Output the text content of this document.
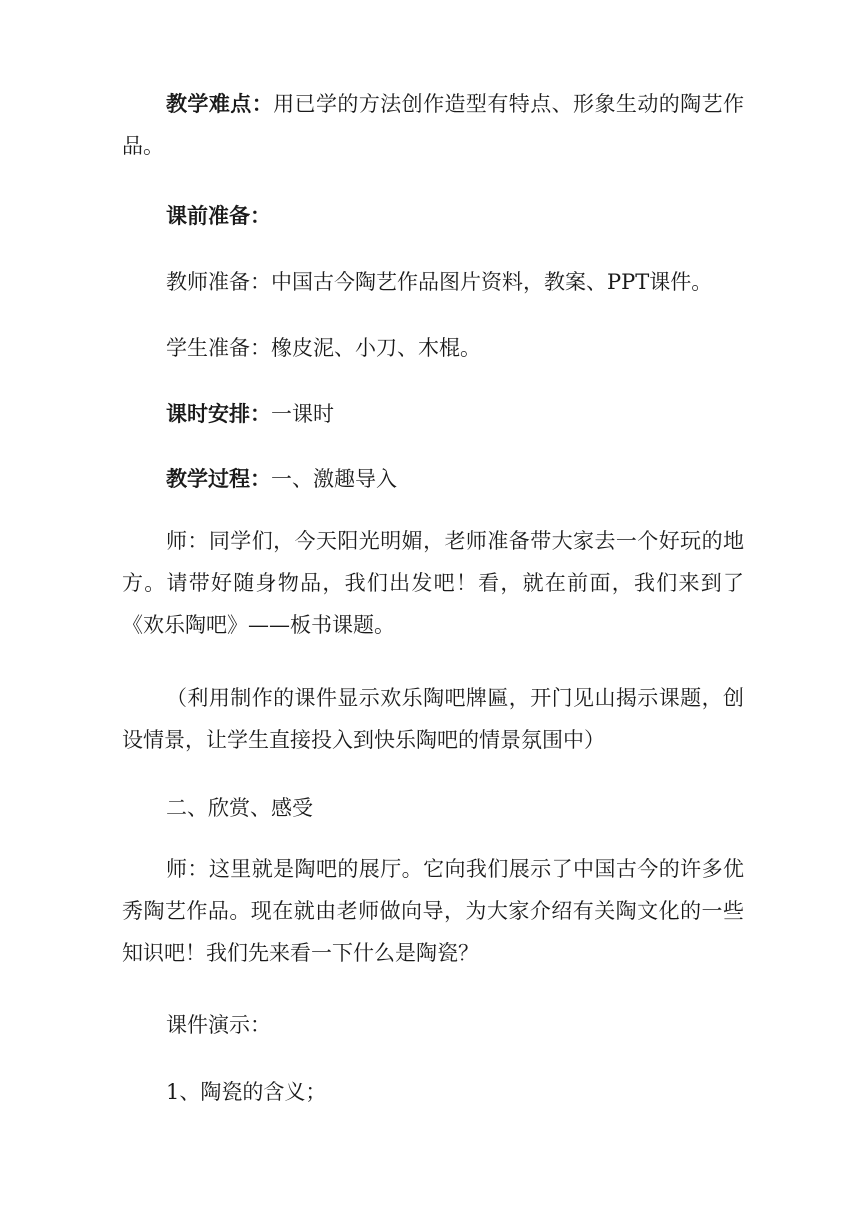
教学难点：用已学的方法创作造型有特点、形象生动的陶艺作品。

课前准备：

教师准备：中国古今陶艺作品图片资料，教案、PPT课件。

学生准备：橡皮泥、小刀、木棍。

课时安排：一课时

教学过程：一、激趣导入

师：同学们，今天阳光明媚，老师准备带大家去一个好玩的地方。请带好随身物品，我们出发吧！看，就在前面，我们来到了《欢乐陶吧》——板书课题。

（利用制作的课件显示欢乐陶吧牌匾，开门见山揭示课题，创设情景，让学生直接投入到快乐陶吧的情景氛围中）

二、欣赏、感受

师：这里就是陶吧的展厅。它向我们展示了中国古今的许多优秀陶艺作品。现在就由老师做向导，为大家介绍有关陶文化的一些知识吧！我们先来看一下什么是陶瓷？

课件演示：

1、陶瓷的含义；
